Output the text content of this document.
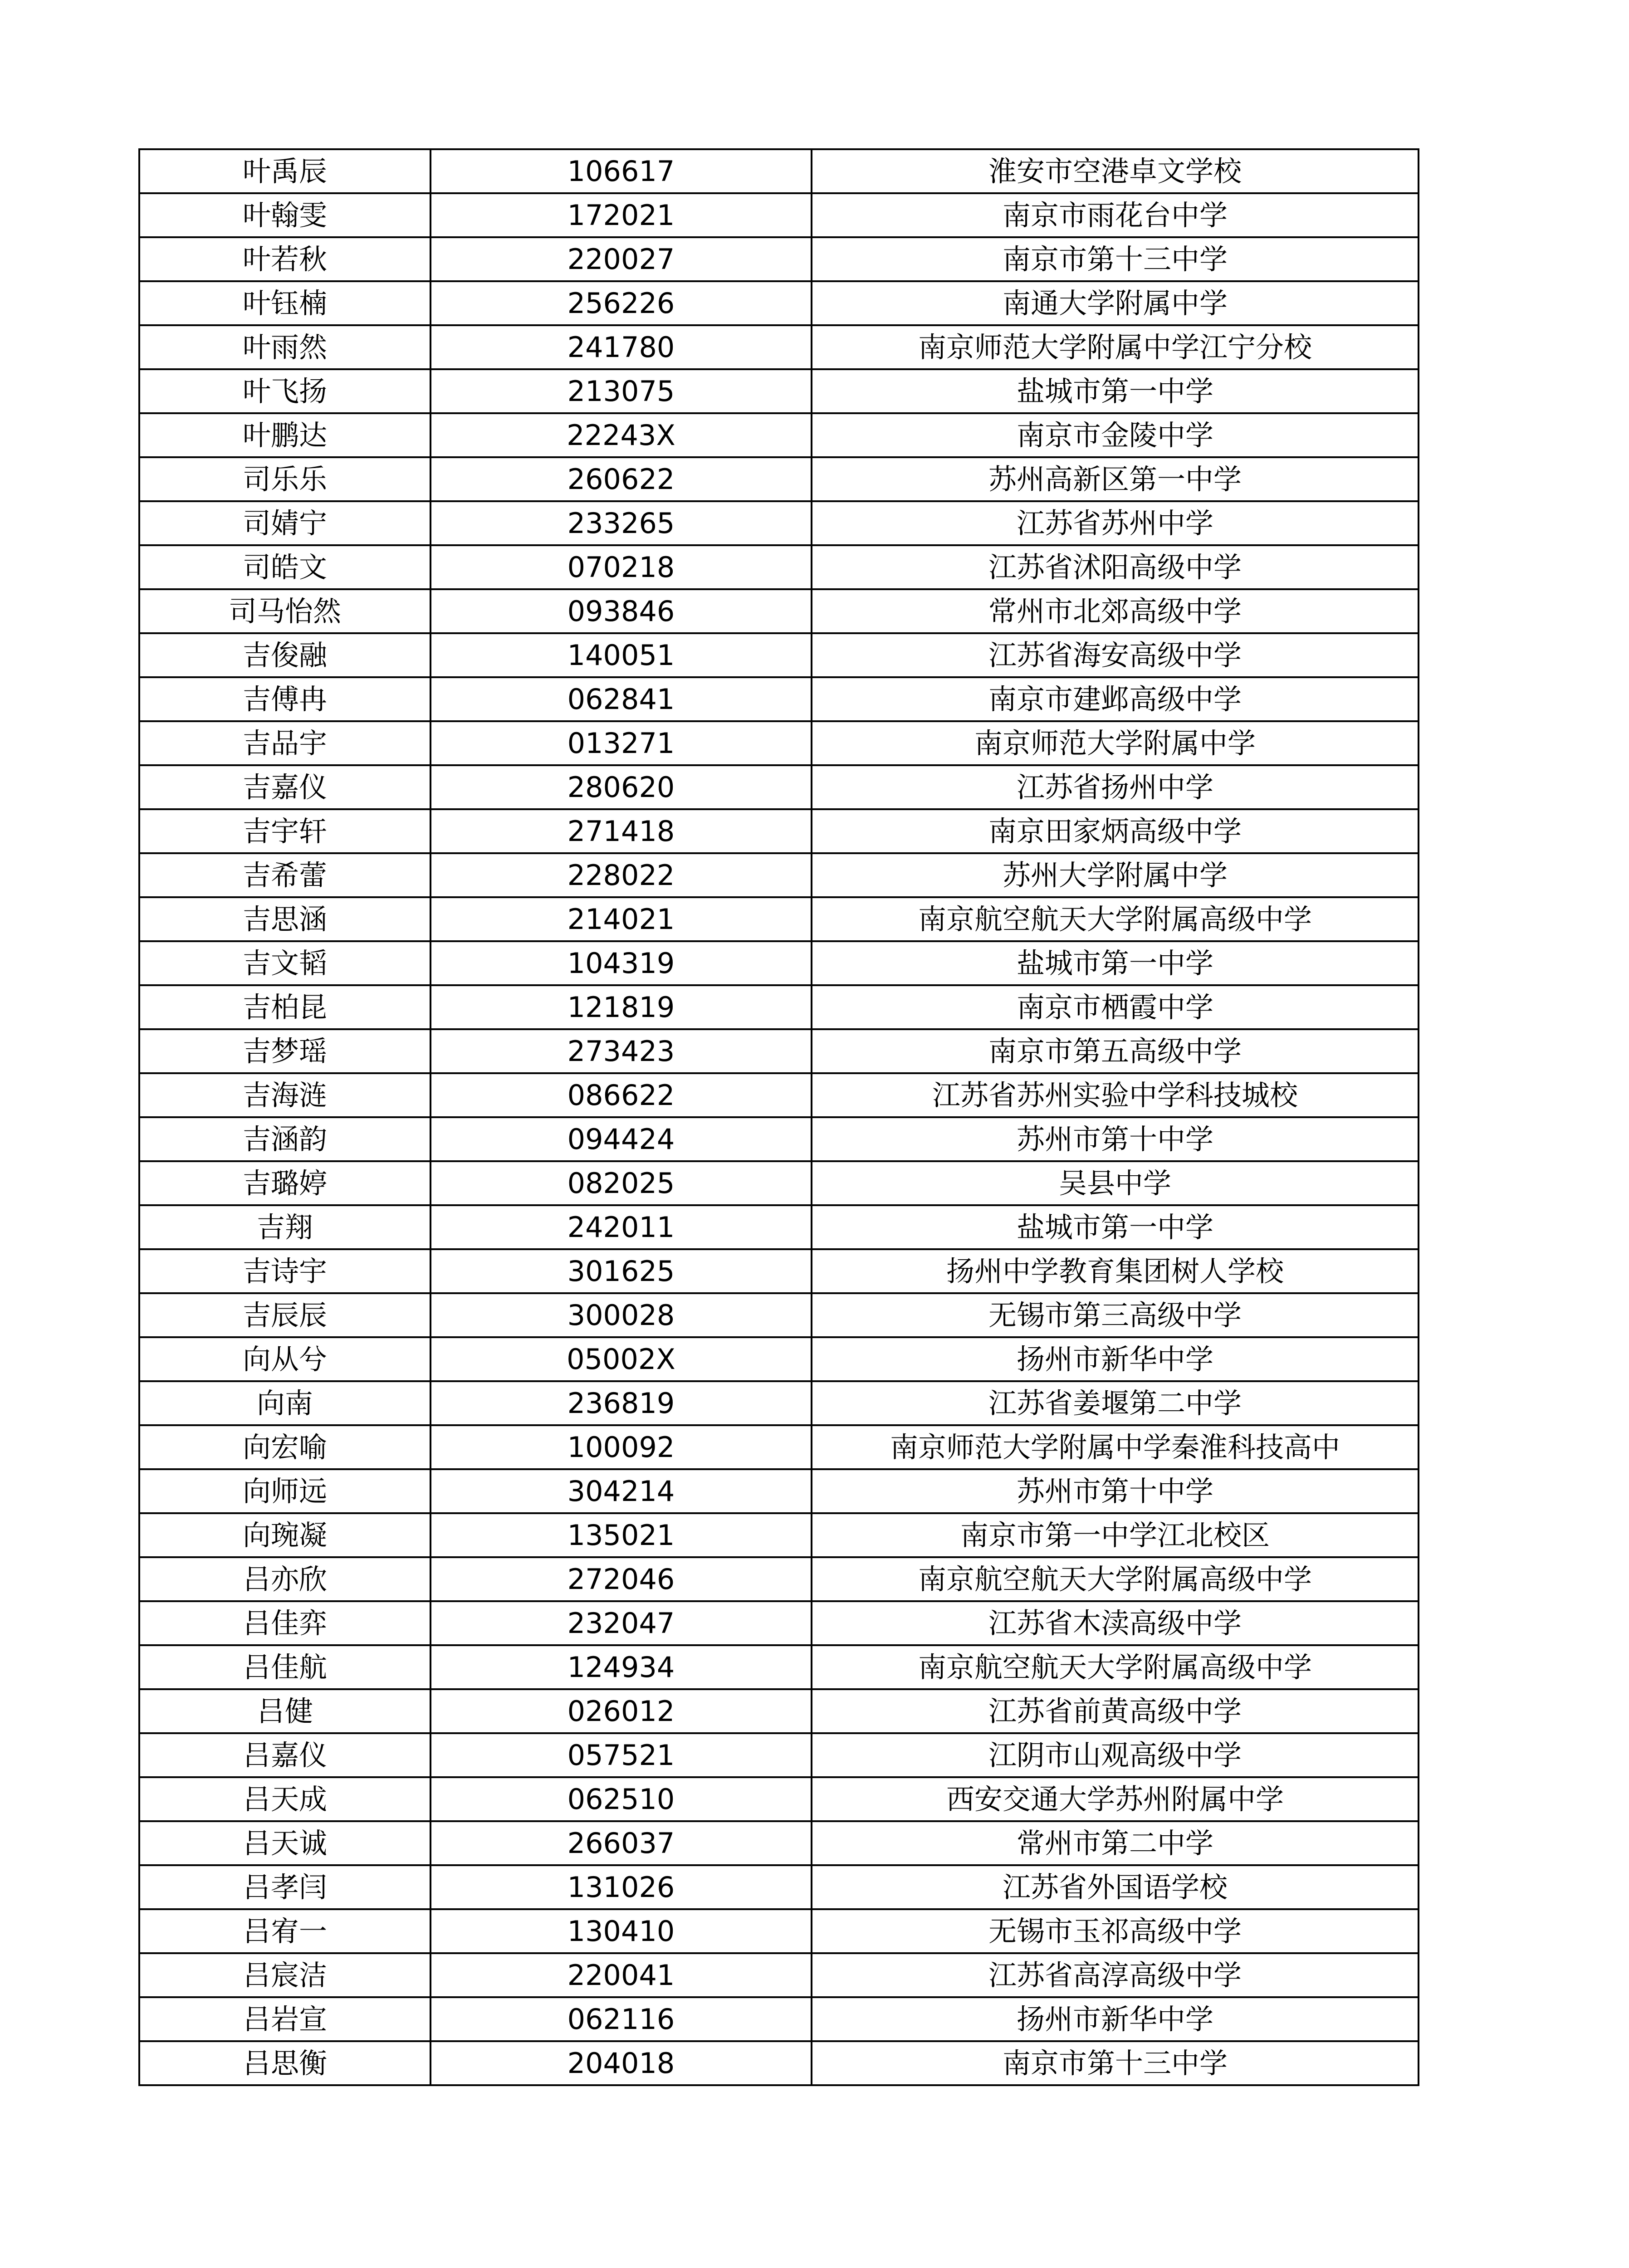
叶禹辰	106617	淮安市空港卓文学校
叶翰雯	172021	南京市雨花台中学
叶若秋	220027	南京市第十三中学
叶钰楠	256226	南通大学附属中学
叶雨然	241780	南京师范大学附属中学江宁分校
叶飞扬	213075	盐城市第一中学
叶鹏达	22243X	南京市金陵中学
司乐乐	260622	苏州高新区第一中学
司婧宁	233265	江苏省苏州中学
司皓文	070218	江苏省沭阳高级中学
司马怡然	093846	常州市北郊高级中学
吉俊融	140051	江苏省海安高级中学
吉傅冉	062841	南京市建邺高级中学
吉品宇	013271	南京师范大学附属中学
吉嘉仪	280620	江苏省扬州中学
吉宇轩	271418	南京田家炳高级中学
吉希蕾	228022	苏州大学附属中学
吉思涵	214021	南京航空航天大学附属高级中学
吉文韬	104319	盐城市第一中学
吉柏昆	121819	南京市栖霞中学
吉梦瑶	273423	南京市第五高级中学
吉海涟	086622	江苏省苏州实验中学科技城校
吉涵韵	094424	苏州市第十中学
吉璐婷	082025	吴县中学
吉翔	242011	盐城市第一中学
吉诗宇	301625	扬州中学教育集团树人学校
吉辰辰	300028	无锡市第三高级中学
向从兮	05002X	扬州市新华中学
向南	236819	江苏省姜堰第二中学
向宏喻	100092	南京师范大学附属中学秦淮科技高中
向师远	304214	苏州市第十中学
向琬凝	135021	南京市第一中学江北校区
吕亦欣	272046	南京航空航天大学附属高级中学
吕佳弈	232047	江苏省木渎高级中学
吕佳航	124934	南京航空航天大学附属高级中学
吕健	026012	江苏省前黄高级中学
吕嘉仪	057521	江阴市山观高级中学
吕天成	062510	西安交通大学苏州附属中学
吕天诚	266037	常州市第二中学
吕孝闫	131026	江苏省外国语学校
吕宥一	130410	无锡市玉祁高级中学
吕宸洁	220041	江苏省高淳高级中学
吕岩宣	062116	扬州市新华中学
吕思衡	204018	南京市第十三中学
